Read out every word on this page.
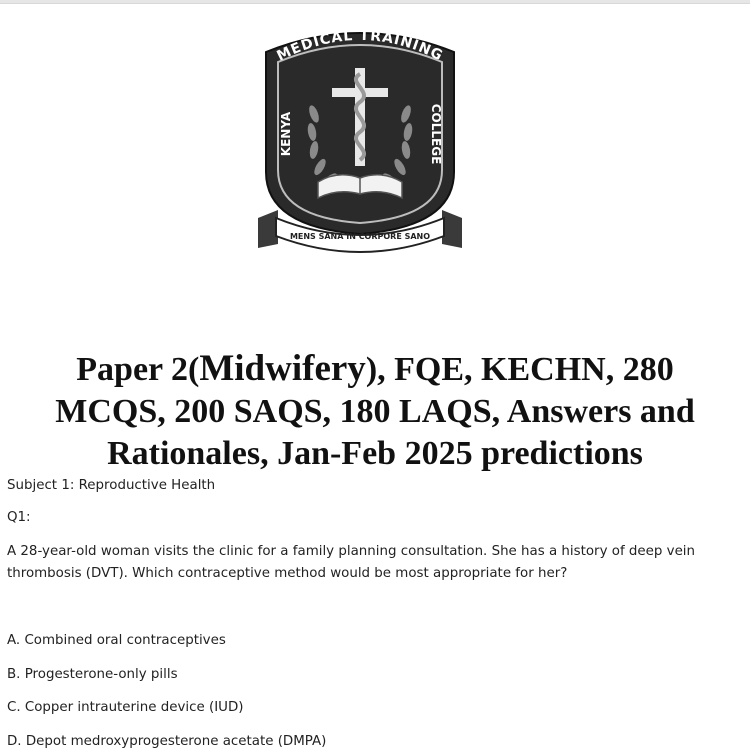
MEDICAL TRAINING
KENYA	COLLEGE
MENS SANA IN CORPORE SANO
Paper 2(Midwifery), FQE, KECHN, 280
MCQS, 200 SAQS, 180 LAQS, Answers and
Rationales, Jan-Feb 2025 predictions

Subject 1: Reproductive Health

Q1:

A 28-year-old woman visits the clinic for a family planning consultation. She has a history of deep vein thrombosis (DVT). Which contraceptive method would be most appropriate for her?

A. Combined oral contraceptives

B. Progesterone-only pills

C. Copper intrauterine device (IUD)

D. Depot medroxyprogesterone acetate (DMPA)
